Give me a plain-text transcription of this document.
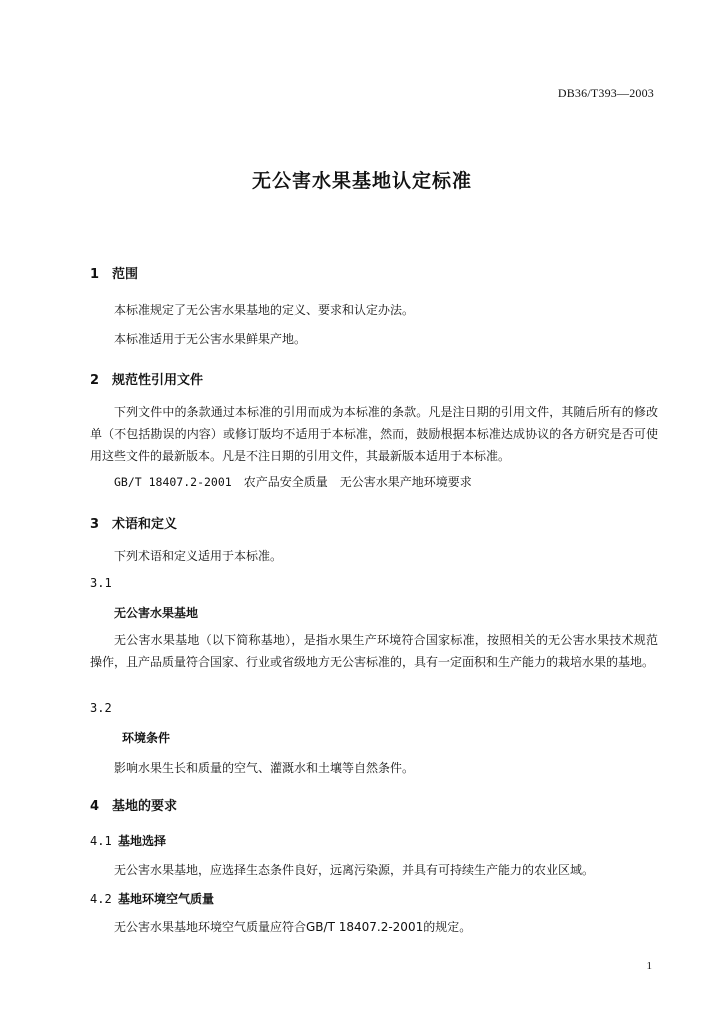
DB36/T393—2003
无公害水果基地认定标准
1 范围
本标准规定了无公害水果基地的定义、要求和认定办法。
本标准适用于无公害水果鲜果产地。
2 规范性引用文件

下列文件中的条款通过本标准的引用而成为本标准的条款。凡是注日期的引用文件，其随后所有的修改单（不包括勘误的内容）或修订版均不适用于本标准，然而，鼓励根据本标准达成协议的各方研究是否可使用这些文件的最新版本。凡是不注日期的引用文件，其最新版本适用于本标准。

GB/T 18407.2-2001 农产品安全质量 无公害水果产地环境要求
3 术语和定义
下列术语和定义适用于本标准。
3.1
无公害水果基地

无公害水果基地（以下简称基地），是指水果生产环境符合国家标准，按照相关的无公害水果技术规范操作，且产品质量符合国家、行业或省级地方无公害标准的，具有一定面积和生产能力的栽培水果的基地。

3.2
环境条件
影响水果生长和质量的空气、灌溉水和土壤等自然条件。
4 基地的要求
4.1 基地选择
无公害水果基地，应选择生态条件良好，远离污染源，并具有可持续生产能力的农业区域。
4.2 基地环境空气质量
无公害水果基地环境空气质量应符合GB/T 18407.2-2001的规定。
1
